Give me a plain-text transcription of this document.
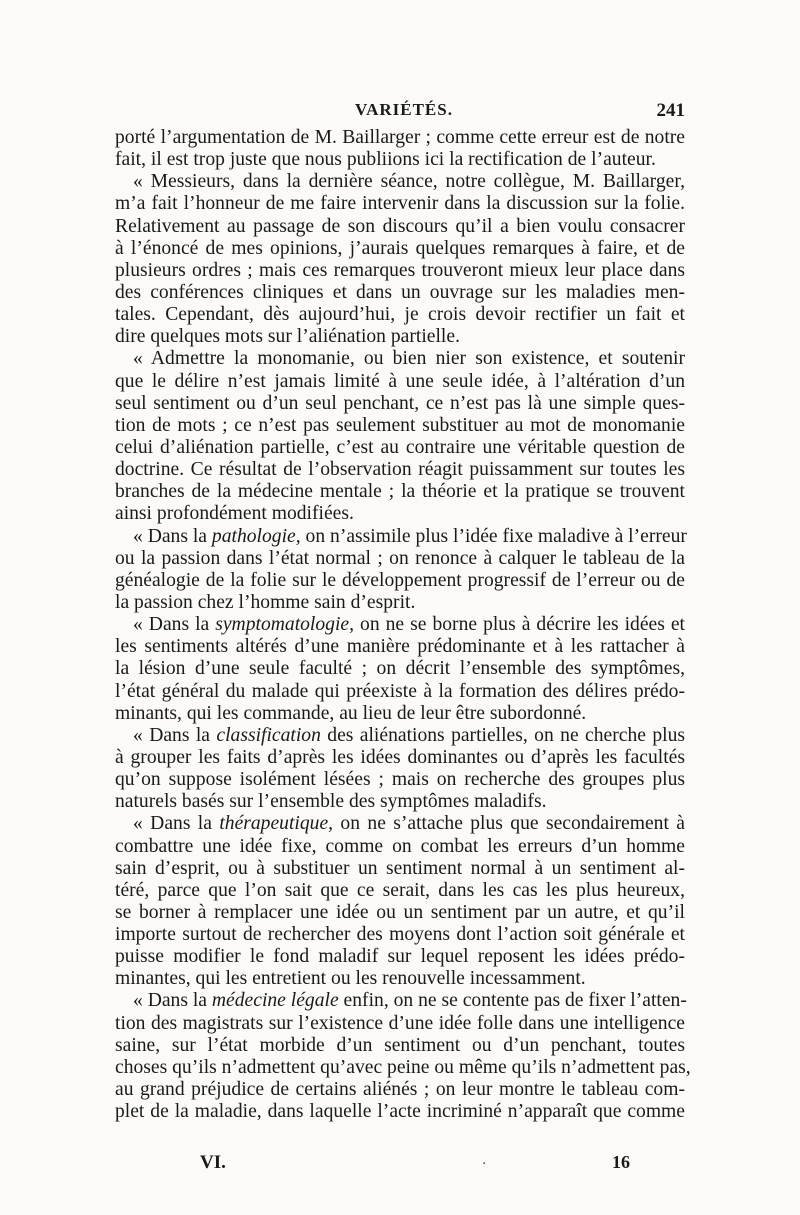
VARIÉTÉS.	241
porté l’argumentation de M. Baillarger ; comme cette erreur est de notre
fait, il est trop juste que nous publiions ici la rectification de l’auteur.
« Messieurs, dans la dernière séance, notre collègue, M. Baillarger,
m’a fait l’honneur de me faire intervenir dans la discussion sur la folie.
Relativement au passage de son discours qu’il a bien voulu consacrer
à l’énoncé de mes opinions, j’aurais quelques remarques à faire, et de
plusieurs ordres ; mais ces remarques trouveront mieux leur place dans
des conférences cliniques et dans un ouvrage sur les maladies men-
tales. Cependant, dès aujourd’hui, je crois devoir rectifier un fait et
dire quelques mots sur l’aliénation partielle.
« Admettre la monomanie, ou bien nier son existence, et soutenir
que le délire n’est jamais limité à une seule idée, à l’altération d’un
seul sentiment ou d’un seul penchant, ce n’est pas là une simple ques-
tion de mots ; ce n’est pas seulement substituer au mot de monomanie
celui d’aliénation partielle, c’est au contraire une véritable question de
doctrine. Ce résultat de l’observation réagit puissamment sur toutes les
branches de la médecine mentale ; la théorie et la pratique se trouvent
ainsi profondément modifiées.
« Dans la pathologie, on n’assimile plus l’idée fixe maladive à l’erreur
ou la passion dans l’état normal ; on renonce à calquer le tableau de la
généalogie de la folie sur le développement progressif de l’erreur ou de
la passion chez l’homme sain d’esprit.
« Dans la symptomatologie, on ne se borne plus à décrire les idées et
les sentiments altérés d’une manière prédominante et à les rattacher à
la lésion d’une seule faculté ; on décrit l’ensemble des symptômes,
l’état général du malade qui préexiste à la formation des délires prédo-
minants, qui les commande, au lieu de leur être subordonné.
« Dans la classification des aliénations partielles, on ne cherche plus
à grouper les faits d’après les idées dominantes ou d’après les facultés
qu’on suppose isolément lésées ; mais on recherche des groupes plus
naturels basés sur l’ensemble des symptômes maladifs.
« Dans la thérapeutique, on ne s’attache plus que secondairement à
combattre une idée fixe, comme on combat les erreurs d’un homme
sain d’esprit, ou à substituer un sentiment normal à un sentiment al-
téré, parce que l’on sait que ce serait, dans les cas les plus heureux,
se borner à remplacer une idée ou un sentiment par un autre, et qu’il
importe surtout de rechercher des moyens dont l’action soit générale et
puisse modifier le fond maladif sur lequel reposent les idées prédo-
minantes, qui les entretient ou les renouvelle incessamment.
« Dans la médecine légale enfin, on ne se contente pas de fixer l’atten-
tion des magistrats sur l’existence d’une idée folle dans une intelligence
saine, sur l’état morbide d’un sentiment ou d’un penchant, toutes
choses qu’ils n’admettent qu’avec peine ou même qu’ils n’admettent pas,
au grand préjudice de certains aliénés ; on leur montre le tableau com-
plet de la maladie, dans laquelle l’acte incriminé n’apparaît que comme
VI.	.	16
